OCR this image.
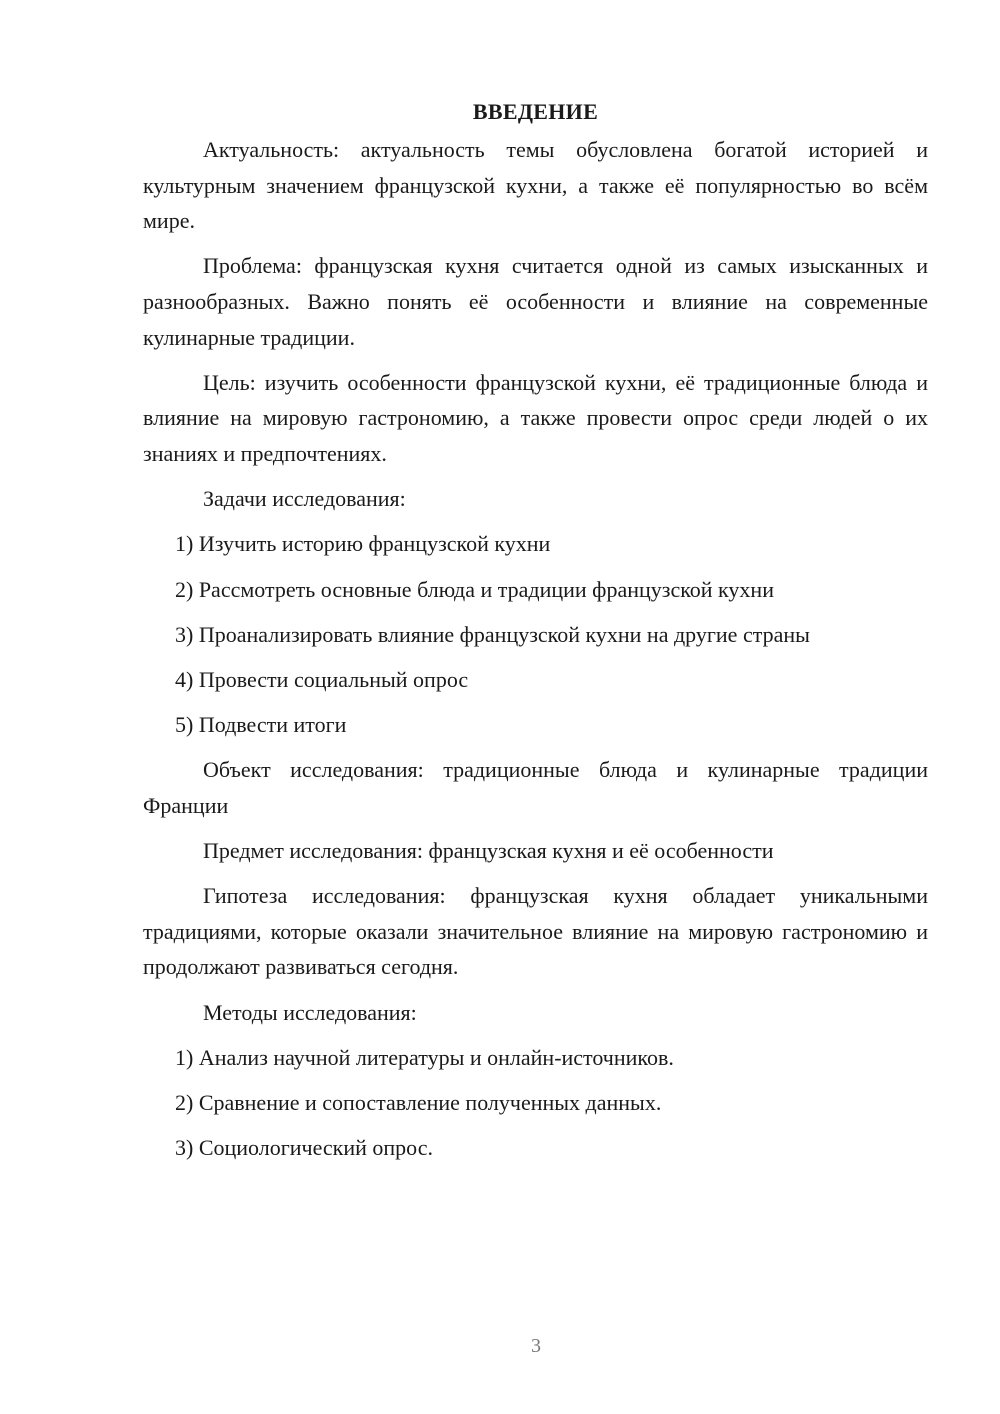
ВВЕДЕНИЕ

Актуальность: актуальность темы обусловлена богатой историей и культурным значением французской кухни, а также её популярностью во всём мире.

Проблема: французская кухня считается одной из самых изысканных и разнообразных. Важно понять её особенности и влияние на современные кулинарные традиции.

Цель: изучить особенности французской кухни, её традиционные блюда и влияние на мировую гастрономию, а также провести опрос среди людей о их знаниях и предпочтениях.

Задачи исследования:

1) Изучить историю французской кухни
2) Рассмотреть основные блюда и традиции французской кухни
3) Проанализировать влияние французской кухни на другие страны
4) Провести социальный опрос
5) Подвести итоги

Объект исследования: традиционные блюда и кулинарные традиции Франции

Предмет исследования: французская кухня и её особенности

Гипотеза исследования: французская кухня обладает уникальными традициями, которые оказали значительное влияние на мировую гастрономию и продолжают развиваться сегодня.

Методы исследования:

1) Анализ научной литературы и онлайн-источников.
2) Сравнение и сопоставление полученных данных.
3) Социологический опрос.
3
